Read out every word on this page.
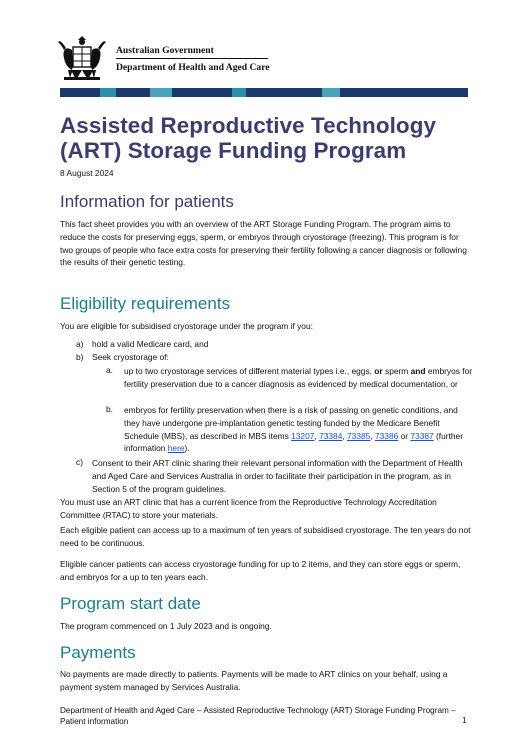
Australian Government
Department of Health and Aged Care
Assisted Reproductive Technology (ART) Storage Funding Program
8 August 2024
Information for patients

This fact sheet provides you with an overview of the ART Storage Funding Program. The program aims to reduce the costs for preserving eggs, sperm, or embryos through cryostorage (freezing). This program is for two groups of people who face extra costs for preserving their fertility following a cancer diagnosis or following the results of their genetic testing.

Eligibility requirements

You are eligible for subsidised cryostorage under the program if you:

a) hold a valid Medicare card, and
b) Seek cryostorage of:
a. up to two cryostorage services of different material types i.e., eggs, or sperm and embryos for fertility preservation due to a cancer diagnosis as evidenced by medical documentation, or

b. embryos for fertility preservation when there is a risk of passing on genetic conditions, and they have undergone pre-implantation genetic testing funded by the Medicare Benefit Schedule (MBS), as described in MBS items 13207, 73384, 73385, 73386 or 73387 (further information here).

c) Consent to their ART clinic sharing their relevant personal information with the Department of Health and Aged Care and Services Australia in order to facilitate their participation in the program, as in Section 5 of the program guidelines.

You must use an ART clinic that has a current licence from the Reproductive Technology Accreditation Committee (RTAC) to store your materials.

Each eligible patient can access up to a maximum of ten years of subsidised cryostorage. The ten years do not need to be continuous.

Eligible cancer patients can access cryostorage funding for up to 2 items, and they can store eggs or sperm, and embryos for a up to ten years each.

Program start date

The program commenced on 1 July 2023 and is ongoing.

Payments

No payments are made directly to patients. Payments will be made to ART clinics on your behalf, using a payment system managed by Services Australia.

Department of Health and Aged Care – Assisted Reproductive Technology (ART) Storage Funding Program – Patient information	1
